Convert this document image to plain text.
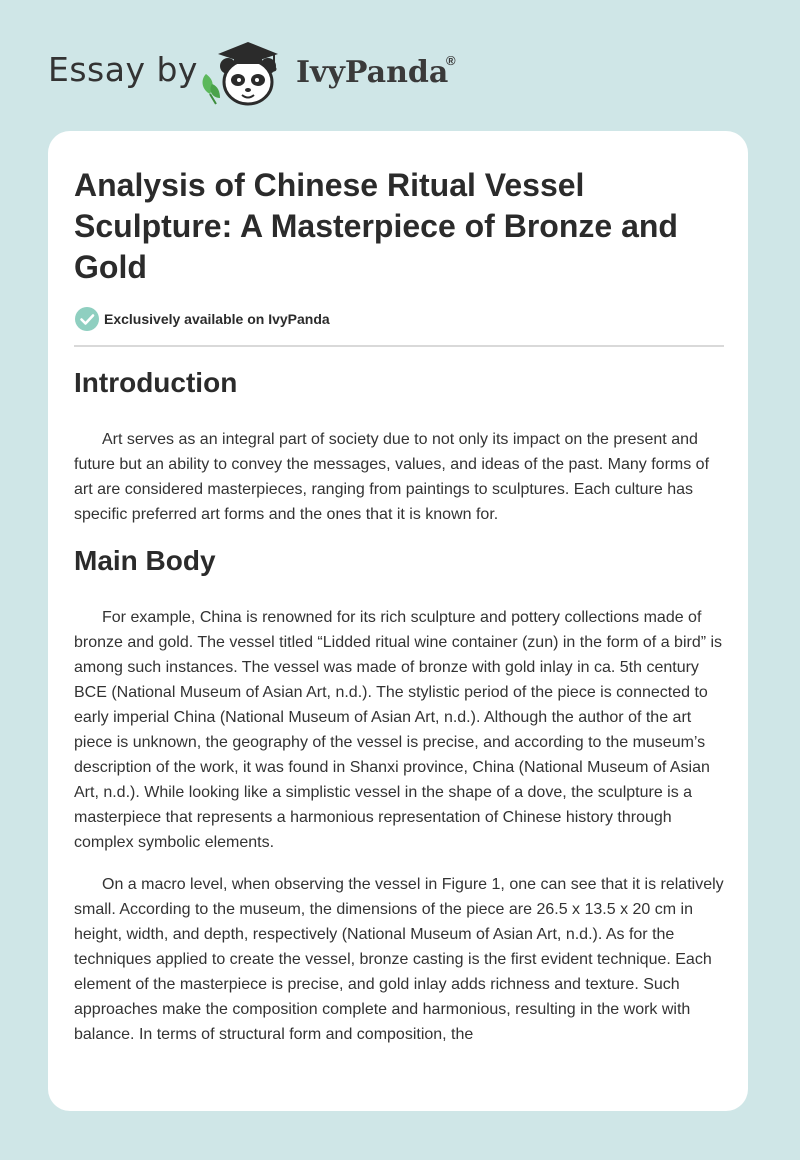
Essay by	IvyPanda
®
Analysis of Chinese Ritual Vessel Sculpture: A Masterpiece of Bronze and Gold
Exclusively available on IvyPanda
Introduction

Art serves as an integral part of society due to not only its impact on the present and future but an ability to convey the messages, values, and ideas of the past. Many forms of art are considered masterpieces, ranging from paintings to sculptures. Each culture has specific preferred art forms and the ones that it is known for.

Main Body

For example, China is renowned for its rich sculpture and pottery collections made of bronze and gold. The vessel titled “Lidded ritual wine container (zun) in the form of a bird” is among such instances. The vessel was made of bronze with gold inlay in ca. 5th century BCE (National Museum of Asian Art, n.d.). The stylistic period of the piece is connected to early imperial China (National Museum of Asian Art, n.d.). Although the author of the art piece is unknown, the geography of the vessel is precise, and according to the museum’s description of the work, it was found in Shanxi province, China (National Museum of Asian Art, n.d.). While looking like a simplistic vessel in the shape of a dove, the sculpture is a masterpiece that represents a harmonious representation of Chinese history through complex symbolic elements.

On a macro level, when observing the vessel in Figure 1, one can see that it is relatively small. According to the museum, the dimensions of the piece are 26.5 x 13.5 x 20 cm in height, width, and depth, respectively (National Museum of Asian Art, n.d.). As for the techniques applied to create the vessel, bronze casting is the first evident technique. Each element of the masterpiece is precise, and gold inlay adds richness and texture. Such approaches make the composition complete and harmonious, resulting in the work with balance. In terms of structural form and composition, the
